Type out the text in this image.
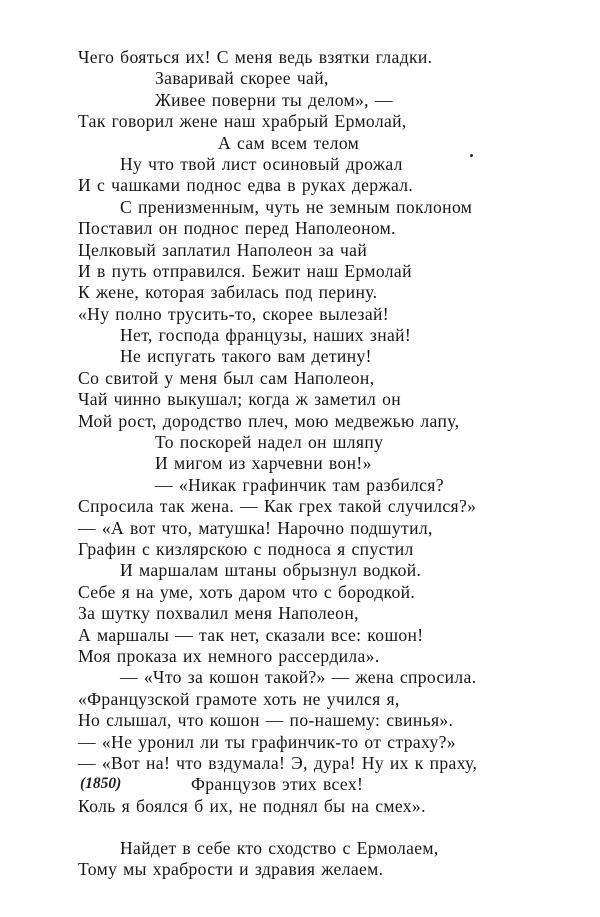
Чего бояться их! С меня ведь взятки гладки.
Заваривай скорее чай,
Живее поверни ты делом», —
Так говорил жене наш храбрый Ермолай,
А сам всем телом
Ну что твой лист осиновый дрожал
И с чашками поднос едва в руках держал.
С пренизменным, чуть не земным поклоном
Поставил он поднос перед Наполеоном.
Целковый заплатил Наполеон за чай
И в путь отправился. Бежит наш Ермолай
К жене, которая забилась под перину.
«Ну полно трусить-то, скорее вылезай!
Нет, господа французы, наших знай!
Не испугать такого вам детину!
Со свитой у меня был сам Наполеон,
Чай чинно выкушал; когда ж заметил он
Мой рост, дородство плеч, мою медвежью лапу,
То поскорей надел он шляпу
И мигом из харчевни вон!»
— «Никак графинчик там разбился?
Спросила так жена. — Как грех такой случился?»
— «А вот что, матушка! Нарочно подшутил,
Графин с кизлярскою с подноса я спустил
И маршалам штаны обрызнул водкой.
Себе я на уме, хоть даром что с бородкой.
За шутку похвалил меня Наполеон,
А маршалы — так нет, сказали все: кошон!
Моя проказа их немного рассердила».
— «Что за кошон такой?» — жена спросила.
«Французской грамоте хоть не учился я,
Но слышал, что кошон — по-нашему: свинья».
— «Не уронил ли ты графинчик-то от страху?»
— «Вот на! что вздумала! Э, дура! Ну их к праху,
Французов этих всех!
Коль я боялся б их, не поднял бы на смех».
Найдет в себе кто сходство с Ермолаем,
Тому мы храбрости и здравия желаем.
(1850)
